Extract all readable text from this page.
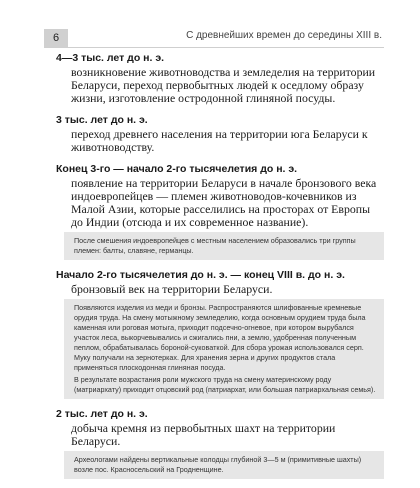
6	С древнейших времен до середины XIII в.
4—3 тыс. лет до н. э.
возникновение животноводства и земледелия на территории Беларуси, переход первобытных людей к оседлому образу жизни, изготовление остродонной глиняной посуды.
3 тыс. лет до н. э.
переход древнего населения на территории юга Беларуси к животноводству.
Конец 3-го — начало 2-го тысячелетия до н. э.
появление на территории Беларуси в начале бронзового века индоевропейцев — племен животноводов-кочевников из Малой Азии, которые расселились на просторах от Европы до Индии (отсюда и их современное название).

После смешения индоевропейцев с местным населением образовались три группы племен: балты, славяне, германцы.

Начало 2-го тысячелетия до н. э. — конец VIII в. до н. э.
бронзовый век на территории Беларуси.

Появляются изделия из меди и бронзы. Распространяются шлифованные кремневые орудия труда. На смену мотыжному земледелию, когда основным орудием труда была каменная или роговая мотыга, приходит подсечно-огневое, при котором вырубался участок леса, выкорчевывались и сжигались пни, а землю, удобренная полученным пеплом, обрабатывалась бороной-суковаткой. Для сбора урожая использовался серп. Муку получали на зернотерках. Для хранения зерна и других продуктов стала применяться плоскодонная глиняная посуда.

В результате возрастания роли мужского труда на смену материнскому роду (матриархату) приходит отцовский род (патриархат, или большая патриархальная семья).

2 тыс. лет до н. э.
добыча кремня из первобытных шахт на территории Беларуси.

Археологами найдены вертикальные колодцы глубиной 3—5 м (примитивные шахты) возле пос. Красносельский на Гродненщине.
